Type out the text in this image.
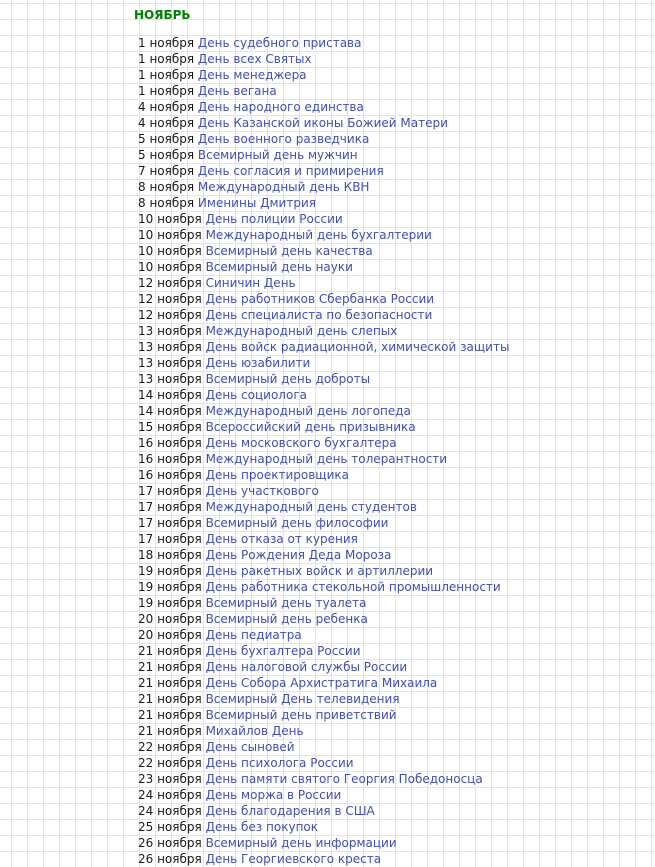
НОЯБРЬ
1 ноября День судебного пристава
1 ноября День всех Святых
1 ноября День менеджера
1 ноября День вегана
4 ноября День народного единства
4 ноября День Казанской иконы Божией Матери
5 ноября День военного разведчика
5 ноября Всемирный день мужчин
7 ноября День согласия и примирения
8 ноября Международный день КВН
8 ноября Именины Дмитрия
10 ноября День полиции России
10 ноября Международный день бухгалтерии
10 ноября Всемирный день качества
10 ноября Всемирный день науки
12 ноября Синичин День
12 ноября День работников Сбербанка России
12 ноября День специалиста по безопасности
13 ноября Международный день слепых
13 ноября День войск радиационной, химической защиты
13 ноября День юзабилити
13 ноября Всемирный день доброты
14 ноября День социолога
14 ноября Международный день логопеда
15 ноября Всероссийский день призывника
16 ноября День московского бухгалтера
16 ноября Международный день толерантности
16 ноября День проектировщика
17 ноября День участкового
17 ноября Международный день студентов
17 ноября Всемирный день философии
17 ноября День отказа от курения
18 ноября День Рождения Деда Мороза
19 ноября День ракетных войск и артиллерии
19 ноября День работника стекольной промышленности
19 ноября Всемирный день туалета
20 ноября Всемирный день ребенка
20 ноября День педиатра
21 ноября День бухгалтера России
21 ноября День налоговой службы России
21 ноября День Собора Архистратига Михаила
21 ноября Всемирный День телевидения
21 ноября Всемирный день приветствий
21 ноября Михайлов День
22 ноября День сыновей
22 ноября День психолога России
23 ноября День памяти святого Георгия Победоносца
24 ноября День моржа в России
24 ноября День благодарения в США
25 ноября День без покупок
26 ноября Всемирный день информации
26 ноября День Георгиевского креста
